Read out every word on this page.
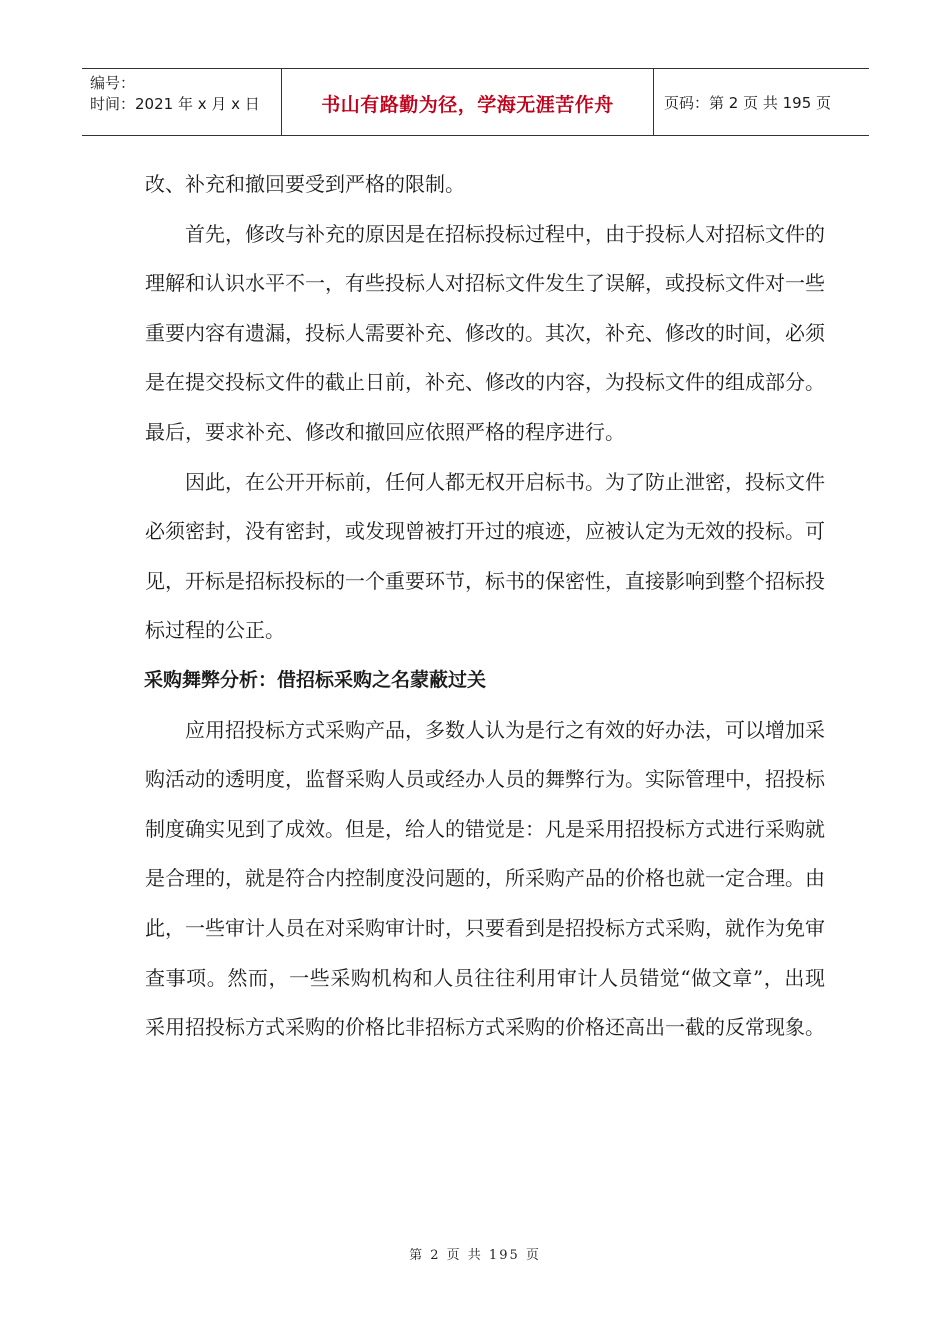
编号：
时间：2021 年 x 月 x 日	书山有路勤为径，学海无涯苦作舟	页码：第 2 页 共 195 页

改、补充和撤回要受到严格的限制。

首先，修改与补充的原因是在招标投标过程中，由于投标人对招标文件的理解和认识水平不一，有些投标人对招标文件发生了误解，或投标文件对一些重要内容有遗漏，投标人需要补充、修改的。其次，补充、修改的时间，必须是在提交投标文件的截止日前，补充、修改的内容，为投标文件的组成部分。最后，要求补充、修改和撤回应依照严格的程序进行。

因此，在公开开标前，任何人都无权开启标书。为了防止泄密，投标文件必须密封，没有密封，或发现曾被打开过的痕迹，应被认定为无效的投标。可见，开标是招标投标的一个重要环节，标书的保密性，直接影响到整个招标投标过程的公正。

采购舞弊分析：借招标采购之名蒙蔽过关

应用招投标方式采购产品，多数人认为是行之有效的好办法，可以增加采购活动的透明度，监督采购人员或经办人员的舞弊行为。实际管理中，招投标制度确实见到了成效。但是，给人的错觉是：凡是采用招投标方式进行采购就是合理的，就是符合内控制度没问题的，所采购产品的价格也就一定合理。由此，一些审计人员在对采购审计时，只要看到是招投标方式采购，就作为免审查事项。然而，一些采购机构和人员往往利用审计人员错觉“做文章”，出现采用招投标方式采购的价格比非招标方式采购的价格还高出一截的反常现象。

第 2 页 共 195 页
